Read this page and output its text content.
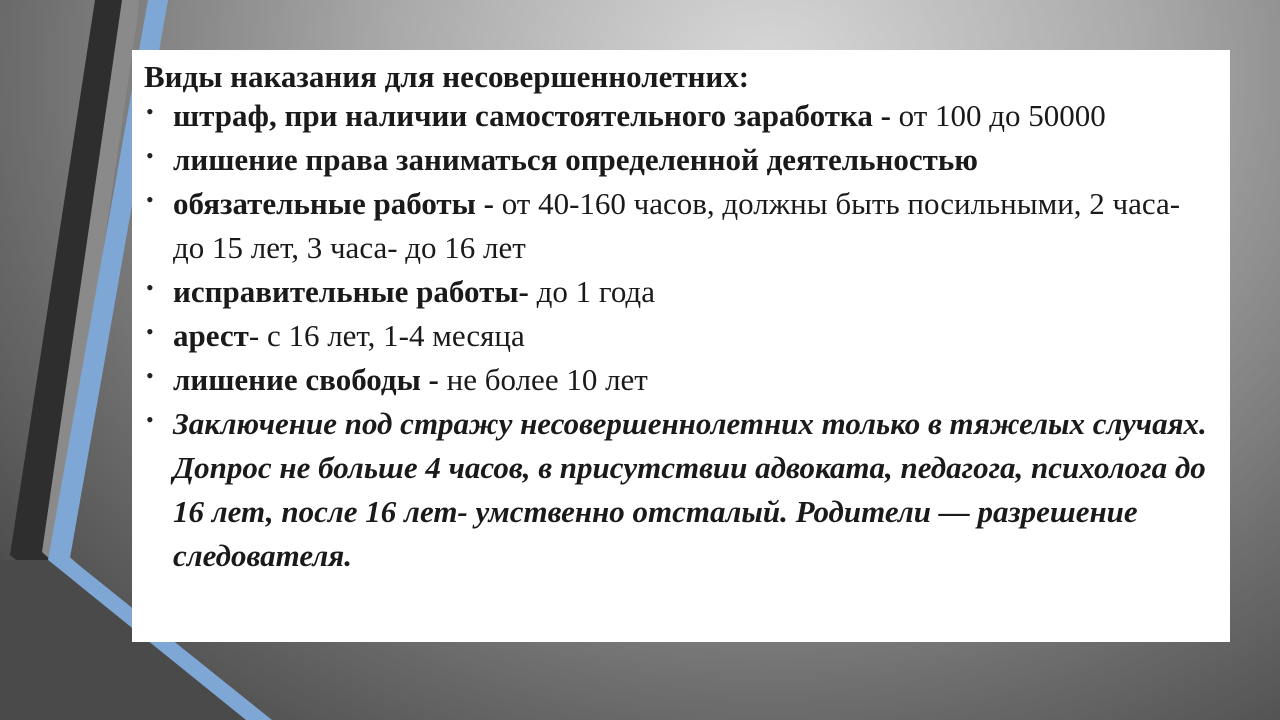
Виды наказания для несовершеннолетних:

• штраф, при наличии самостоятельного заработка - от 100 до 50000
• лишение права заниматься определенной деятельностью
• обязательные работы - от 40-160 часов, должны быть посильными, 2 часа-до 15 лет, 3 часа- до 16 лет
• исправительные работы- до 1 года
• арест- с 16 лет, 1-4 месяца
• лишение свободы - не более 10 лет
• Заключение под стражу несовершеннолетних только в тяжелых случаях. Допрос не больше 4 часов, в присутствии адвоката, педагога, психолога до 16 лет, после 16 лет- умственно отсталый. Родители — разрешение следователя.
